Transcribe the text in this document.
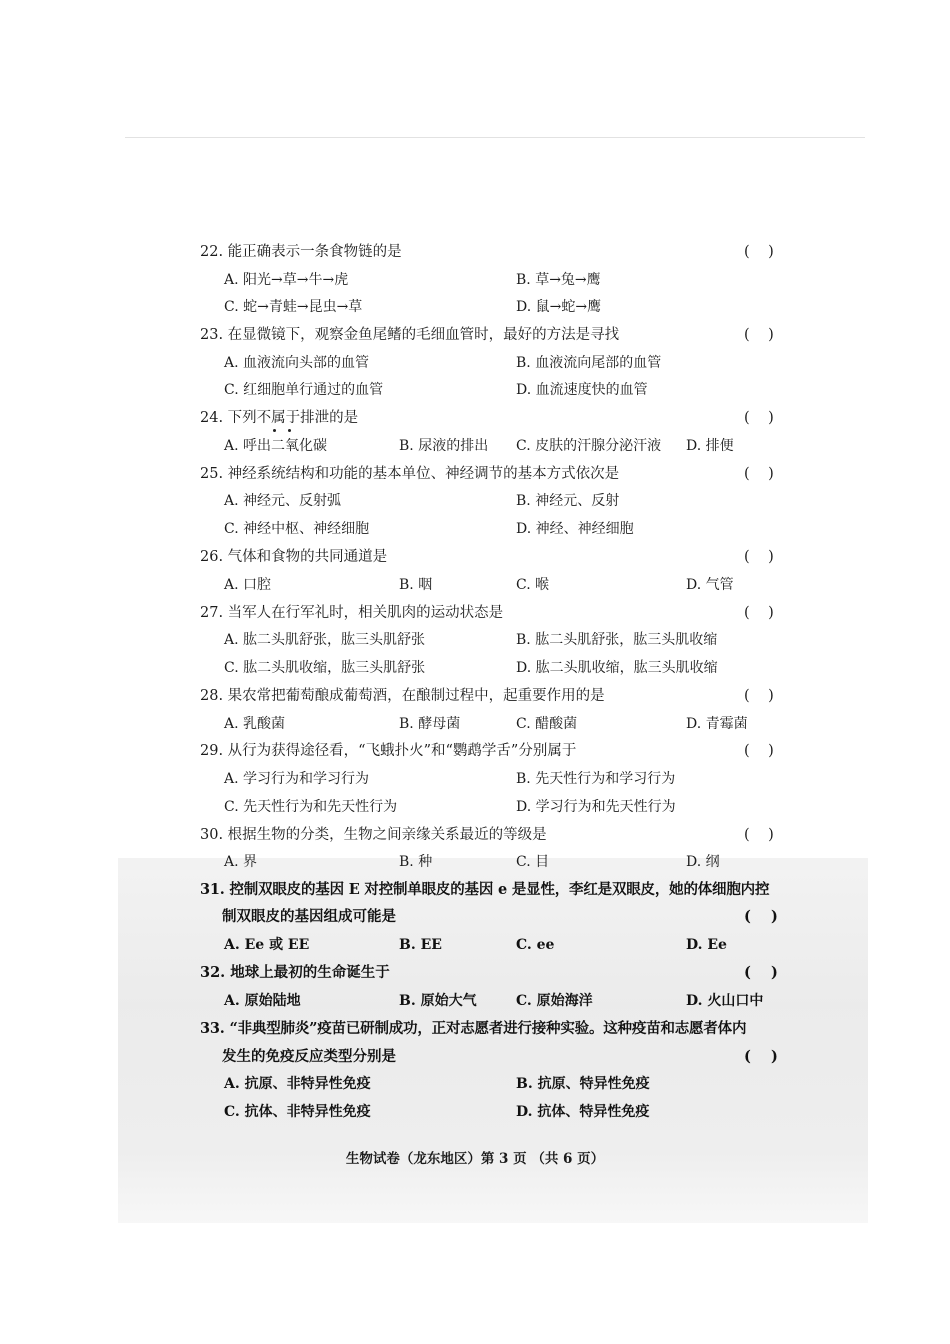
22. 能正确表示一条食物链的是	(    )
A. 阳光→草→牛→虎	B. 草→兔→鹰
C. 蛇→青蛙→昆虫→草	D. 鼠→蛇→鹰
23. 在显微镜下，观察金鱼尾鳍的毛细血管时，最好的方法是寻找	(    )
A. 血液流向头部的血管	B. 血液流向尾部的血管
C. 红细胞单行通过的血管	D. 血流速度快的血管
24. 下列不属于排泄的是	(    )
A. 呼出二氧化碳	B. 尿液的排出 C. 皮肤的汗腺分泌汗液 D. 排便
25. 神经系统结构和功能的基本单位、神经调节的基本方式依次是	(    )
A. 神经元、反射弧	B. 神经元、反射
C. 神经中枢、神经细胞	D. 神经、神经细胞
26. 气体和食物的共同通道是	(    )
A. 口腔	B. 咽	C. 喉	D. 气管
27. 当军人在行军礼时，相关肌肉的运动状态是	(    )
A. 肱二头肌舒张，肱三头肌舒张	B. 肱二头肌舒张，肱三头肌收缩
C. 肱二头肌收缩，肱三头肌舒张	D. 肱二头肌收缩，肱三头肌收缩
28. 果农常把葡萄酿成葡萄酒，在酿制过程中，起重要作用的是	(    )
A. 乳酸菌	B. 酵母菌	C. 醋酸菌	D. 青霉菌
29. 从行为获得途径看，“飞蛾扑火”和“鹦鹉学舌”分别属于	(    )
A. 学习行为和学习行为	B. 先天性行为和学习行为
C. 先天性行为和先天性行为	D. 学习行为和先天性行为
30. 根据生物的分类，生物之间亲缘关系最近的等级是	(    )
A. 界	B. 种	C. 目	D. 纲
31. 控制双眼皮的基因 E 对控制单眼皮的基因 e 是显性，李红是双眼皮，她的体细胞内控
制双眼皮的基因组成可能是	(    )
A. Ee 或 EE	B. EE	C. ee	D. Ee
32. 地球上最初的生命诞生于	(    )
A. 原始陆地	B. 原始大气	C. 原始海洋	D. 火山口中
33. “非典型肺炎”疫苗已研制成功，正对志愿者进行接种实验。这种疫苗和志愿者体内
发生的免疫反应类型分别是	(    )
A. 抗原、非特异性免疫	B. 抗原、特异性免疫
C. 抗体、非特异性免疫	D. 抗体、特异性免疫
生物试卷（龙东地区）第 3 页 （共 6 页）
